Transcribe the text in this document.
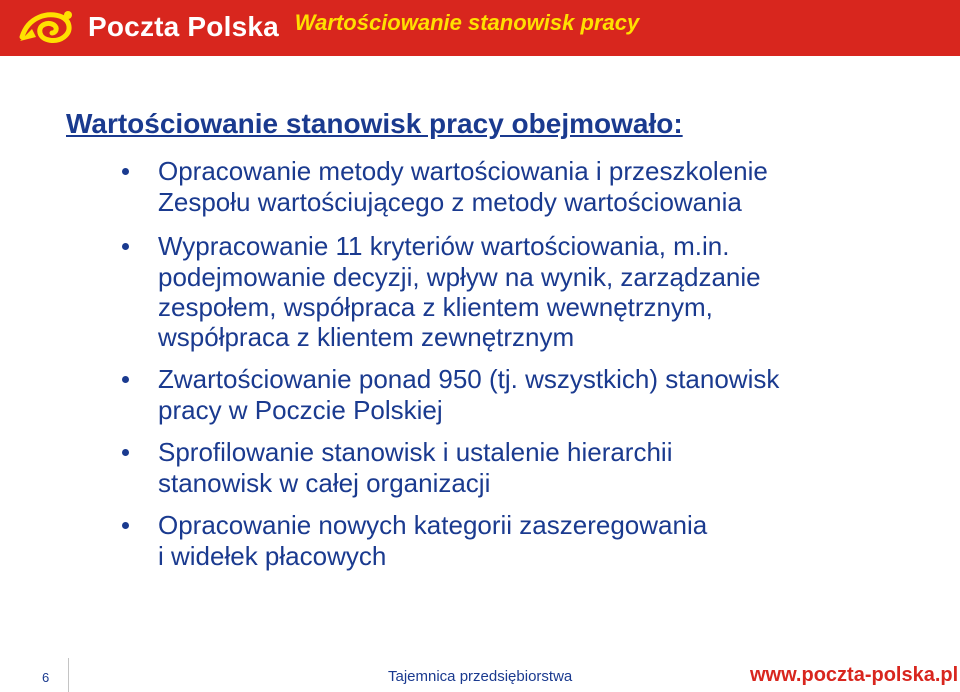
Poczta Polska Wartościowanie stanowisk pracy
Wartościowanie stanowisk pracy obejmowało:
Opracowanie metody wartościowania i przeszkolenie
Zespołu wartościującego z metody wartościowania
Wypracowanie 11 kryteriów wartościowania, m.in.
podejmowanie decyzji, wpływ na wynik, zarządzanie
zespołem, współpraca z klientem wewnętrznym,
współpraca z klientem zewnętrznym
Zwartościowanie ponad 950 (tj. wszystkich) stanowisk
pracy w Poczcie Polskiej
Sprofilowanie stanowisk i ustalenie hierarchii
stanowisk w całej organizacji
Opracowanie nowych kategorii zaszeregowania
i widełek płacowych
6	Tajemnica przedsiębiorstwa	www.poczta-polska.pl
